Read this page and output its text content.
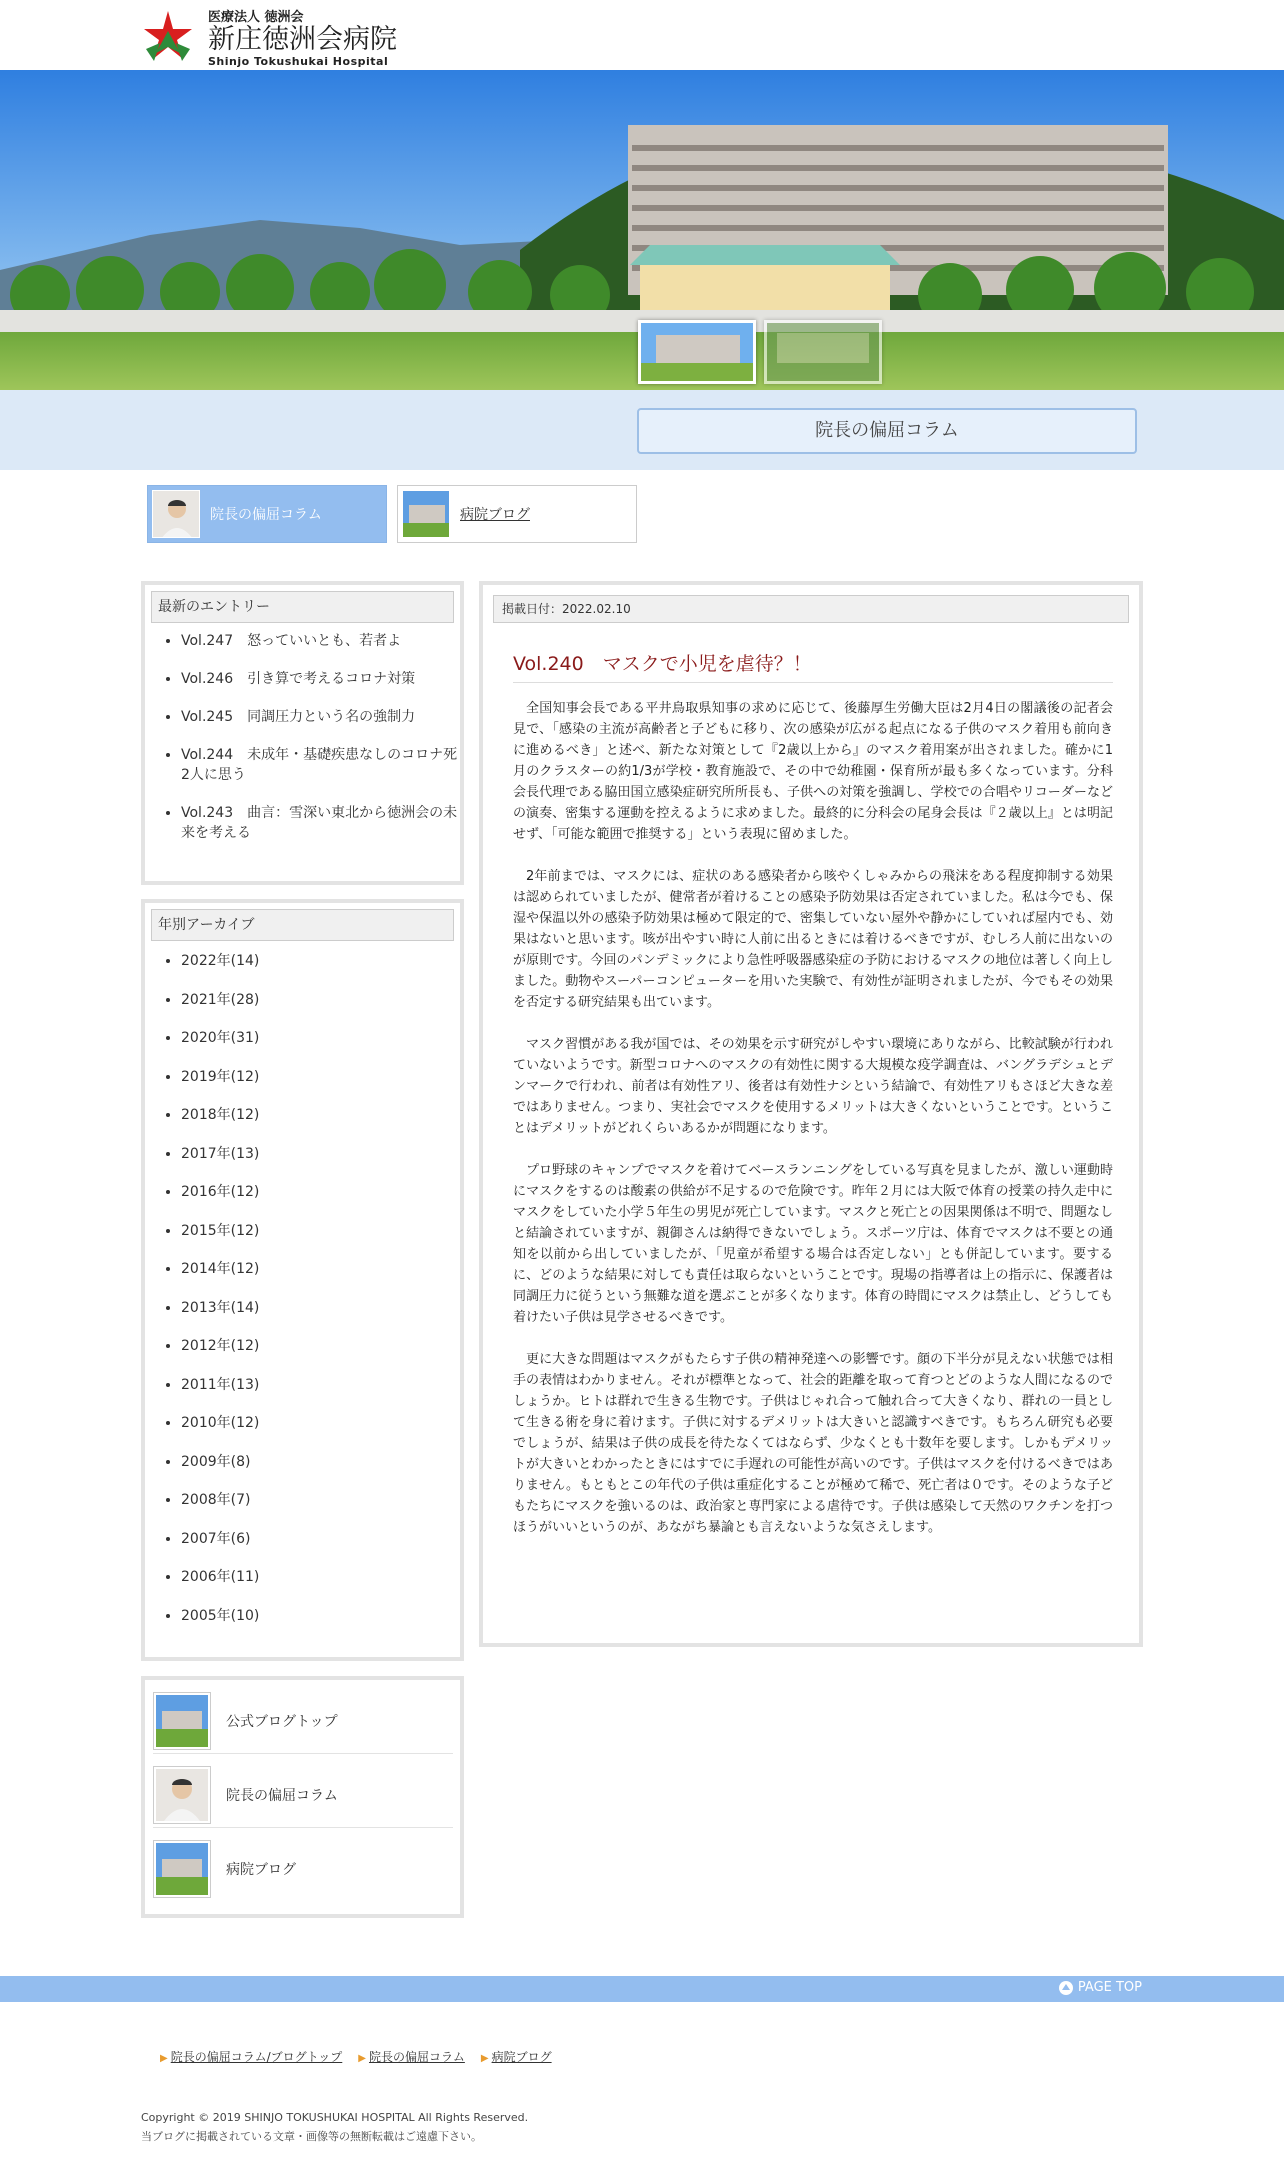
医療法人 徳洲会
新庄徳洲会病院
Shinjo Tokushukai Hospital
院長の偏屈コラム
院長の偏屈コラム	病院ブログ
最新のエントリー
• Vol.247　怒っていいとも、若者よ
• Vol.246　引き算で考えるコロナ対策
• Vol.245　同調圧力という名の強制力
• Vol.244　未成年・基礎疾患なしのコロナ死2人に思う
• Vol.243　曲言：雪深い東北から徳洲会の未来を考える
年別アーカイブ
• 2022年(14)
• 2021年(28)
• 2020年(31)
• 2019年(12)
• 2018年(12)
• 2017年(13)
• 2016年(12)
• 2015年(12)
• 2014年(12)
• 2013年(14)
• 2012年(12)
• 2011年(13)
• 2010年(12)
• 2009年(8)
• 2008年(7)
• 2007年(6)
• 2006年(11)
• 2005年(10)
公式ブログトップ
院長の偏屈コラム
病院ブログ
掲載日付：2022.02.10
Vol.240　マスクで小児を虐待？！

全国知事会長である平井鳥取県知事の求めに応じて、後藤厚生労働大臣は2月4日の閣議後の記者会見で、「感染の主流が高齢者と子どもに移り、次の感染が広がる起点になる子供のマスク着用も前向きに進めるべき」と述べ、新たな対策として『2歳以上から』のマスク着用案が出されました。確かに1月のクラスターの約1/3が学校・教育施設で、その中で幼稚園・保育所が最も多くなっています。分科会長代理である脇田国立感染症研究所所長も、子供への対策を強調し、学校での合唱やリコーダーなどの演奏、密集する運動を控えるように求めました。最終的に分科会の尾身会長は『２歳以上』とは明記せず、「可能な範囲で推奨する」という表現に留めました。

2年前までは、マスクには、症状のある感染者から咳やくしゃみからの飛沫をある程度抑制する効果は認められていましたが、健常者が着けることの感染予防効果は否定されていました。私は今でも、保湿や保温以外の感染予防効果は極めて限定的で、密集していない屋外や静かにしていれば屋内でも、効果はないと思います。咳が出やすい時に人前に出るときには着けるべきですが、むしろ人前に出ないのが原則です。今回のパンデミックにより急性呼吸器感染症の予防におけるマスクの地位は著しく向上しました。動物やスーパーコンピューターを用いた実験で、有効性が証明されましたが、今でもその効果を否定する研究結果も出ています。

マスク習慣がある我が国では、その効果を示す研究がしやすい環境にありながら、比較試験が行われていないようです。新型コロナへのマスクの有効性に関する大規模な疫学調査は、バングラデシュとデンマークで行われ、前者は有効性アリ、後者は有効性ナシという結論で、有効性アリもさほど大きな差ではありません。つまり、実社会でマスクを使用するメリットは大きくないということです。ということはデメリットがどれくらいあるかが問題になります。

プロ野球のキャンプでマスクを着けてベースランニングをしている写真を見ましたが、激しい運動時にマスクをするのは酸素の供給が不足するので危険です。昨年２月には大阪で体育の授業の持久走中にマスクをしていた小学５年生の男児が死亡しています。マスクと死亡との因果関係は不明で、問題なしと結論されていますが、親御さんは納得できないでしょう。スポーツ庁は、体育でマスクは不要との通知を以前から出していましたが、「児童が希望する場合は否定しない」とも併記しています。要するに、どのような結果に対しても責任は取らないということです。現場の指導者は上の指示に、保護者は同調圧力に従うという無難な道を選ぶことが多くなります。体育の時間にマスクは禁止し、どうしても着けたい子供は見学させるべきです。

更に大きな問題はマスクがもたらす子供の精神発達への影響です。顔の下半分が見えない状態では相手の表情はわかりません。それが標準となって、社会的距離を取って育つとどのような人間になるのでしょうか。ヒトは群れで生きる生物です。子供はじゃれ合って触れ合って大きくなり、群れの一員として生きる術を身に着けます。子供に対するデメリットは大きいと認識すべきです。もちろん研究も必要でしょうが、結果は子供の成長を待たなくてはならず、少なくとも十数年を要します。しかもデメリットが大きいとわかったときにはすでに手遅れの可能性が高いのです。子供はマスクを付けるべきではありません。もともとこの年代の子供は重症化することが極めて稀で、死亡者は０です。そのような子どもたちにマスクを強いるのは、政治家と専門家による虐待です。子供は感染して天然のワクチンを打つほうがいいというのが、あながち暴論とも言えないような気さえします。

PAGE TOP
▶ 院長の偏屈コラム/ブログトップ ▶ 院長の偏屈コラム ▶ 病院ブログ
Copyright © 2019 SHINJO TOKUSHUKAI HOSPITAL All Rights Reserved.
当ブログに掲載されている文章・画像等の無断転載はご遠慮下さい。
